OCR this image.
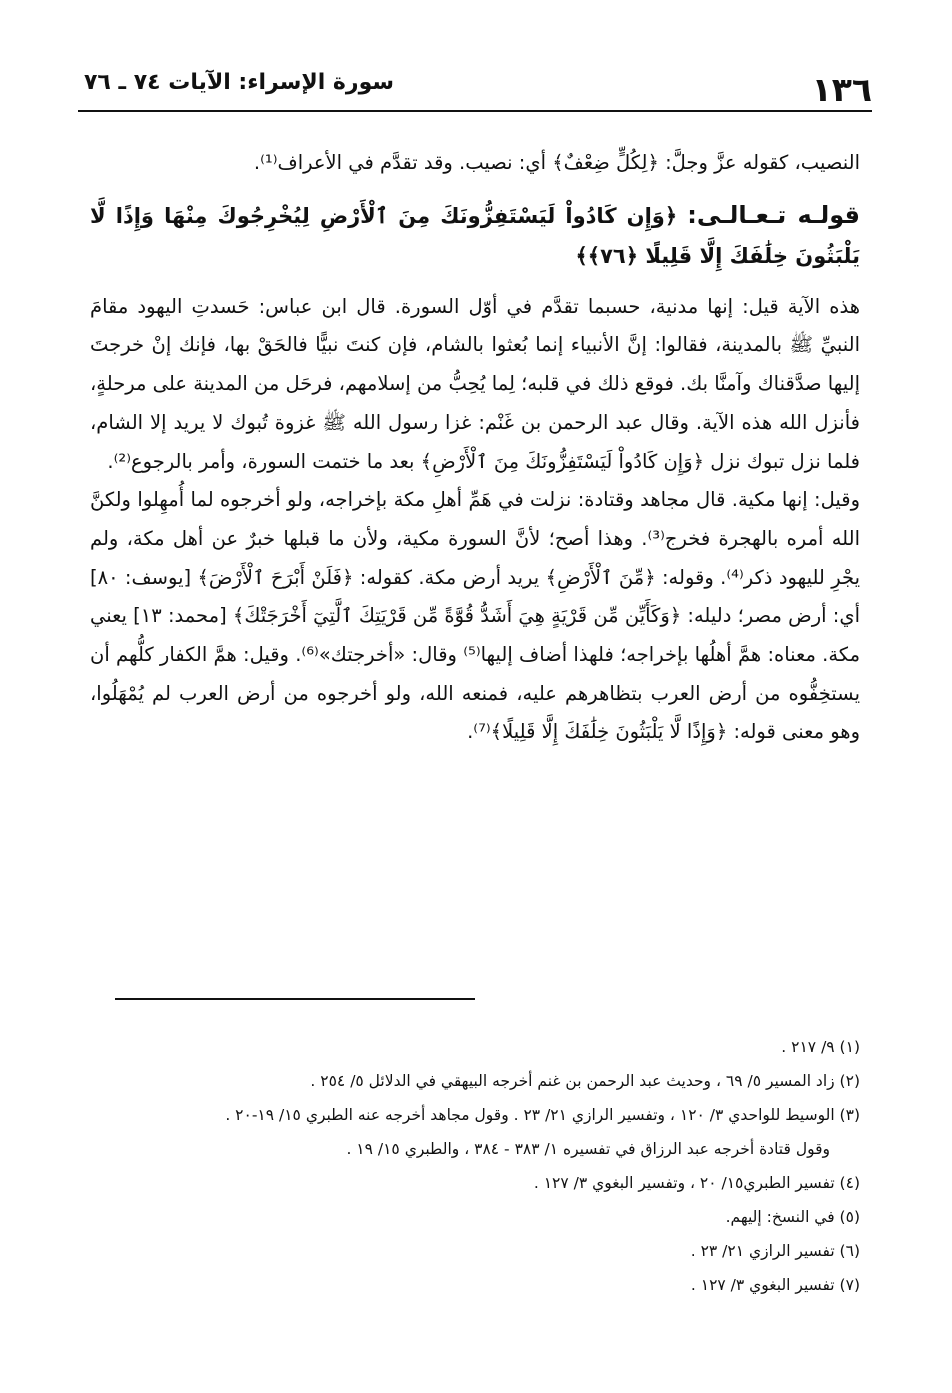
١٣٦
سورة الإسراء: الآيات ٧٤ ـ ٧٦

النصيب، كقوله عزَّ وجلَّ: ﴿لِكُلٍّ ضِعْفٌ﴾ أي: نصيب. وقد تقدَّم في الأعراف⁽¹⁾.

قولـه تـعـالـى: ﴿وَإِن كَادُواْ لَيَسْتَفِزُّونَكَ مِنَ ٱلْأَرْضِ لِيُخْرِجُوكَ مِنْهَا وَإِذًا لَّا يَلْبَثُونَ خِلَٰفَكَ إِلَّا قَلِيلًا ﴿٧٦﴾﴾

هذه الآية قيل: إنها مدنية، حسبما تقدَّم في أوّل السورة. قال ابن عباس: حَسدتِ اليهود مقامَ النبيِّ ﷺ بالمدينة، فقالوا: إنَّ الأنبياء إنما بُعثوا بالشام، فإن كنتَ نبيًّا فالحَقْ بها، فإنك إنْ خرجتَ إليها صدَّقناك وآمنَّا بك. فوقع ذلك في قلبه؛ لِما يُحِبُّ من إسلامهم، فرحَل من المدينة على مرحلةٍ، فأنزل الله هذه الآية. وقال عبد الرحمن بن غَنْم: غزا رسول الله ﷺ غزوة تُبوك لا يريد إلا الشام، فلما نزل تبوك نزل ﴿وَإِن كَادُواْ لَيَسْتَفِزُّونَكَ مِنَ ٱلْأَرْضِ﴾ بعد ما ختمت السورة، وأمر بالرجوع⁽²⁾.

وقيل: إنها مكية. قال مجاهد وقتادة: نزلت في هَمِّ أهلِ مكة بإخراجه، ولو أخرجوه لما أُمهِلوا ولكنَّ الله أمره بالهجرة فخرج⁽³⁾. وهذا أصح؛ لأنَّ السورة مكية، ولأن ما قبلها خبرٌ عن أهل مكة، ولم يجْرِ لليهود ذكر⁽⁴⁾. وقوله: ﴿مِّنَ ٱلْأَرْضِ﴾ يريد أرض مكة. كقوله: ﴿فَلَنْ أَبْرَحَ ٱلْأَرْضَ﴾ [يوسف: ٨٠] أي: أرض مصر؛ دليله: ﴿وَكَأَيِّن مِّن قَرْيَةٍ هِيَ أَشَدُّ قُوَّةً مِّن قَرْيَتِكَ ٱلَّتِيٓ أَخْرَجَتْكَ﴾ [محمد: ١٣] يعني مكة. معناه: همَّ أهلُها بإخراجه؛ فلهذا أضاف إليها⁽⁵⁾ وقال: «أخرجتك»⁽⁶⁾. وقيل: همَّ الكفار كلُّهم أن يستخِفُّوه من أرض العرب بتظاهرهم عليه، فمنعه الله، ولو أخرجوه من أرض العرب لم يُمْهَلُوا، وهو معنى قوله: ﴿وَإِذًا لَّا يَلْبَثُونَ خِلَٰفَكَ إِلَّا قَلِيلًا﴾⁽⁷⁾.

(١) ٩/ ٢١٧ .
(٢) زاد المسير ٥/ ٦٩ ، وحديث عبد الرحمن بن غنم أخرجه البيهقي في الدلائل ٥/ ٢٥٤ .
(٣) الوسيط للواحدي ٣/ ١٢٠ ، وتفسير الرازي ٢١/ ٢٣ . وقول مجاهد أخرجه عنه الطبري ١٥/ ١٩-٢٠ .
وقول قتادة أخرجه عبد الرزاق في تفسيره ١/ ٣٨٣ - ٣٨٤ ، والطبري ١٥/ ١٩ .
(٤) تفسير الطبري١٥/ ٢٠ ، وتفسير البغوي ٣/ ١٢٧ .
(٥) في النسخ: إليهم.
(٦) تفسير الرازي ٢١/ ٢٣ .
(٧) تفسير البغوي ٣/ ١٢٧ .
